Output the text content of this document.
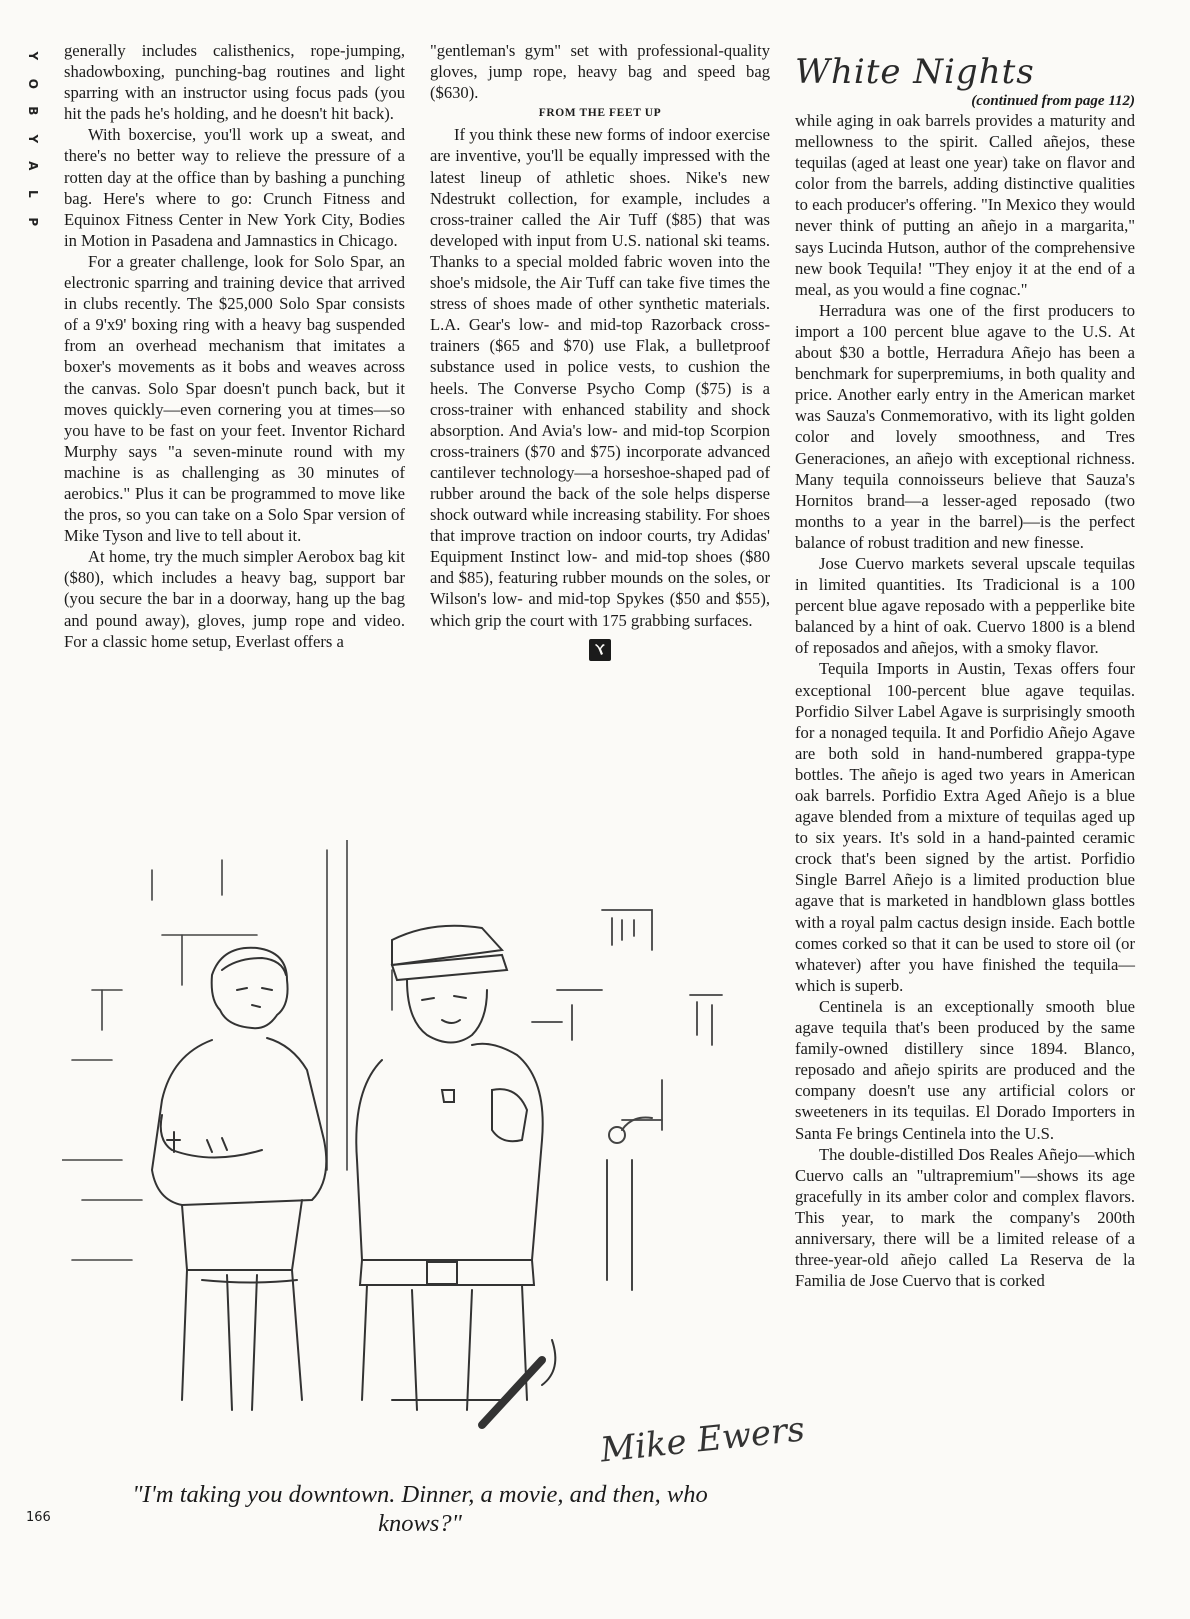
Y
O
B
Y
A
L
P

generally includes calisthenics, rope-jumping, shadowboxing, punching-bag routines and light sparring with an instructor using focus pads (you hit the pads he's holding, and he doesn't hit back).

With boxercise, you'll work up a sweat, and there's no better way to relieve the pressure of a rotten day at the office than by bashing a punching bag. Here's where to go: Crunch Fitness and Equinox Fitness Center in New York City, Bodies in Motion in Pasadena and Jamnastics in Chicago.

For a greater challenge, look for Solo Spar, an electronic sparring and training device that arrived in clubs recently. The $25,000 Solo Spar consists of a 9'x9' boxing ring with a heavy bag suspended from an overhead mechanism that imitates a boxer's movements as it bobs and weaves across the canvas. Solo Spar doesn't punch back, but it moves quickly—even cornering you at times—so you have to be fast on your feet. Inventor Richard Murphy says "a seven-minute round with my machine is as challenging as 30 minutes of aerobics." Plus it can be programmed to move like the pros, so you can take on a Solo Spar version of Mike Tyson and live to tell about it.

At home, try the much simpler Aerobox bag kit ($80), which includes a heavy bag, support bar (you secure the bar in a doorway, hang up the bag and pound away), gloves, jump rope and video. For a classic home setup, Everlast offers a

"gentleman's gym" set with professional-quality gloves, jump rope, heavy bag and speed bag ($630).

FROM THE FEET UP

If you think these new forms of indoor exercise are inventive, you'll be equally impressed with the latest lineup of athletic shoes. Nike's new Ndestrukt collection, for example, includes a cross-trainer called the Air Tuff ($85) that was developed with input from U.S. national ski teams. Thanks to a special molded fabric woven into the shoe's midsole, the Air Tuff can take five times the stress of shoes made of other synthetic materials. L.A. Gear's low- and mid-top Razorback cross-trainers ($65 and $70) use Flak, a bulletproof substance used in police vests, to cushion the heels. The Converse Psycho Comp ($75) is a cross-trainer with enhanced stability and shock absorption. And Avia's low- and mid-top Scorpion cross-trainers ($70 and $75) incorporate advanced cantilever technology—a horseshoe-shaped pad of rubber around the back of the sole helps disperse shock outward while increasing stability. For shoes that improve traction on indoor courts, try Adidas' Equipment Instinct low- and mid-top shoes ($80 and $85), featuring rubber mounds on the soles, or Wilson's low- and mid-top Spykes ($50 and $55), which grip the court with 175 grabbing surfaces.

White Nights

(continued from page 112)

while aging in oak barrels provides a maturity and mellowness to the spirit. Called añejos, these tequilas (aged at least one year) take on flavor and color from the barrels, adding distinctive qualities to each producer's offering. "In Mexico they would never think of putting an añejo in a margarita," says Lucinda Hutson, author of the comprehensive new book Tequila! "They enjoy it at the end of a meal, as you would a fine cognac."

Herradura was one of the first producers to import a 100 percent blue agave to the U.S. At about $30 a bottle, Herradura Añejo has been a benchmark for superpremiums, in both quality and price. Another early entry in the American market was Sauza's Conmemorativo, with its light golden color and lovely smoothness, and Tres Generaciones, an añejo with exceptional richness. Many tequila connoisseurs believe that Sauza's Hornitos brand—a lesser-aged reposado (two months to a year in the barrel)—is the perfect balance of robust tradition and new finesse.

Jose Cuervo markets several upscale tequilas in limited quantities. Its Tradicional is a 100 percent blue agave reposado with a pepperlike bite balanced by a hint of oak. Cuervo 1800 is a blend of reposados and añejos, with a smoky flavor.

Tequila Imports in Austin, Texas offers four exceptional 100-percent blue agave tequilas. Porfidio Silver Label Agave is surprisingly smooth for a nonaged tequila. It and Porfidio Añejo Agave are both sold in hand-numbered grappa-type bottles. The añejo is aged two years in American oak barrels. Porfidio Extra Aged Añejo is a blue agave blended from a mixture of tequilas aged up to six years. It's sold in a hand-painted ceramic crock that's been signed by the artist. Porfidio Single Barrel Añejo is a limited production blue agave that is marketed in handblown glass bottles with a royal palm cactus design inside. Each bottle comes corked so that it can be used to store oil (or whatever) after you have finished the tequila—which is superb.

Centinela is an exceptionally smooth blue agave tequila that's been produced by the same family-owned distillery since 1894. Blanco, reposado and añejo spirits are produced and the company doesn't use any artificial colors or sweeteners in its tequilas. El Dorado Importers in Santa Fe brings Centinela into the U.S.

The double-distilled Dos Reales Añejo—which Cuervo calls an "ultrapremium"—shows its age gracefully in its amber color and complex flavors. This year, to mark the company's 200th anniversary, there will be a limited release of a three-year-old añejo called La Reserva de la Familia de Jose Cuervo that is corked

Mike Ewers
"I'm taking you downtown. Dinner, a movie, and then, who knows?"
166
